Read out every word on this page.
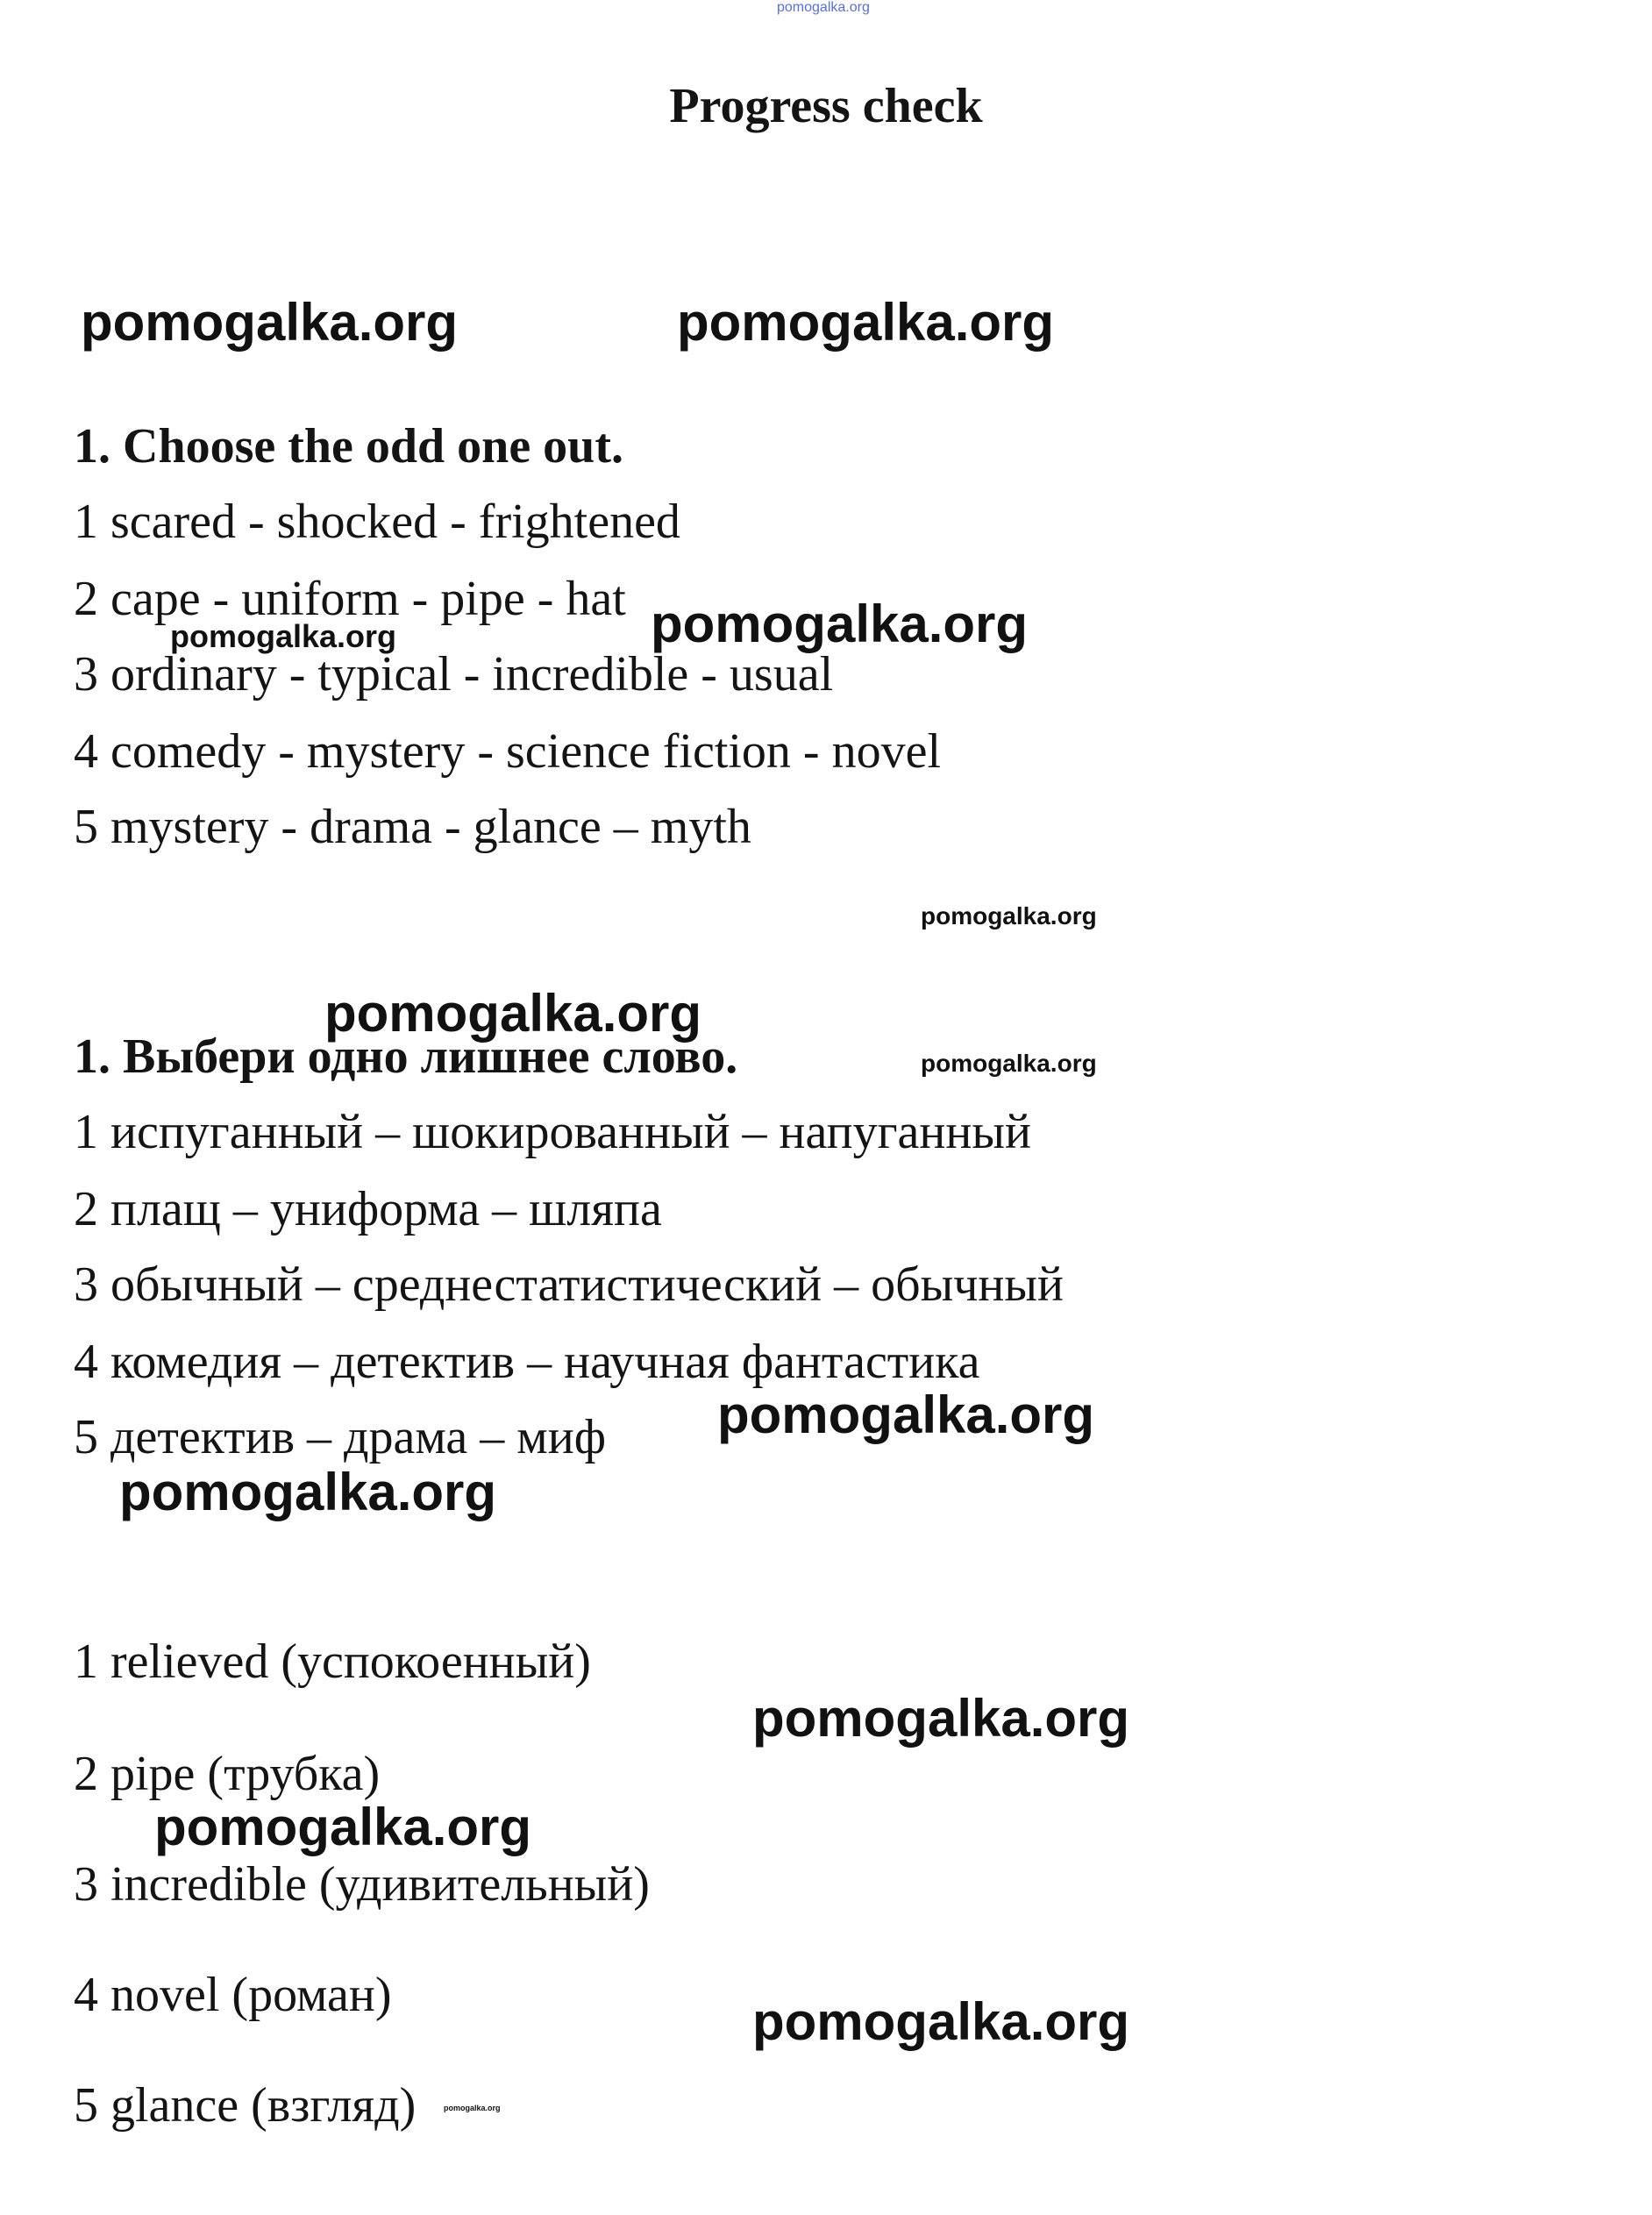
pomogalka.org
Progress check
pomogalka.org	pomogalka.org
1. Choose the odd one out.
1 scared - shocked - frightened
2 cape - uniform - pipe - hat
3 ordinary - typical - incredible - usual
4 comedy - mystery - science fiction - novel
5 mystery - drama - glance – myth
pomogalka.org	pomogalka.org
pomogalka.org
1. Выбери одно лишнее слово.
1 испуганный – шокированный – напуганный
2 плащ – униформа – шляпа
3 обычный – среднестатистический – обычный
4 комедия – детектив – научная фантастика
5 детектив – драма – миф
pomogalka.org
pomogalka.org
pomogalka.org
pomogalka.org
1 relieved (успокоенный)
2 pipe (трубка)
3 incredible (удивительный)
4 novel (роман)
5 glance (взгляд)
pomogalka.org
pomogalka.org
pomogalka.org
pomogalka.org
